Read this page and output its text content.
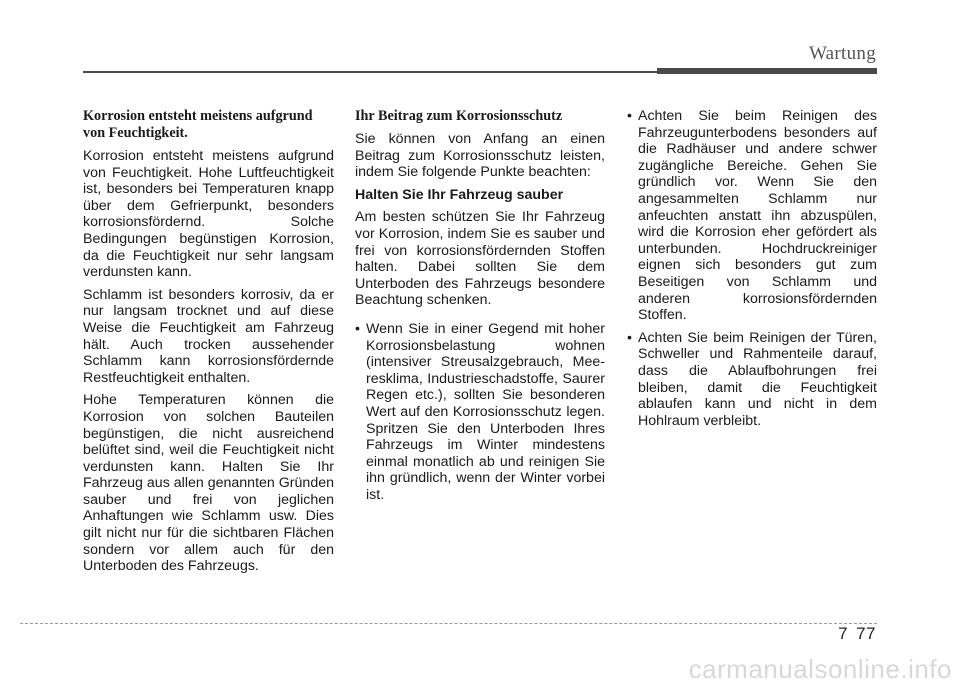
Wartung

Korrosion entsteht meistens aufgrund von Feuchtigkeit.

Korrosion entsteht meistens aufgrund von Feuchtigkeit. Hohe Luftfeuchtigkeit ist, besonders bei Temperaturen knapp über dem Gefrierpunkt, besonders korrosionsfördernd. Solche Bedingungen begünstigen Korrosion, da die Feuchtigkeit nur sehr langsam verdunsten kann.

Schlamm ist besonders korrosiv, da er nur langsam trocknet und auf diese Weise die Feuchtigkeit am Fahrzeug hält. Auch trocken aussehender Schlamm kann korrosionsfördernde Restfeuchtigkeit enthalten.

Hohe Temperaturen können die Korrosion von solchen Bauteilen begünstigen, die nicht ausreichend belüftet sind, weil die Feuchtigkeit nicht verdunsten kann. Halten Sie Ihr Fahrzeug aus allen genannten Gründen sauber und frei von jeglichen Anhaftungen wie Schlamm usw. Dies gilt nicht nur für die sichtbaren Flächen sondern vor allem auch für den Unterboden des Fahrzeugs.

Ihr Beitrag zum Korrosionsschutz

Sie können von Anfang an einen Beitrag zum Korrosionsschutz leisten, indem Sie folgende Punkte beachten:

Halten Sie Ihr Fahrzeug sauber

Am besten schützen Sie Ihr Fahrzeug vor Korrosion, indem Sie es sauber und frei von korrosionsfördernden Stoffen halten. Dabei sollten Sie dem Unterboden des Fahrzeugs besondere Beachtung schenken.

• Wenn Sie in einer Gegend mit hoher Korrosionsbelastung wohnen (intensiver Streusalzgebrauch, Mee-resklima, Industrieschadstoffe, Saurer Regen etc.), sollten Sie besonderen Wert auf den Korrosionsschutz legen. Spritzen Sie den Unterboden Ihres Fahrzeugs im Winter mindestens einmal monatlich ab und reinigen Sie ihn gründlich, wenn der Winter vorbei ist.
• Achten Sie beim Reinigen des Fahrzeugunterbodens besonders auf die Radhäuser und andere schwer zugängliche Bereiche. Gehen Sie gründlich vor. Wenn Sie den angesammelten Schlamm nur anfeuchten anstatt ihn abzuspülen, wird die Korrosion eher gefördert als unterbunden. Hochdruckreiniger eignen sich besonders gut zum Beseitigen von Schlamm und anderen korrosionsfördernden Stoffen.
• Achten Sie beim Reinigen der Türen, Schweller und Rahmenteile darauf, dass die Ablaufbohrungen frei bleiben, damit die Feuchtigkeit ablaufen kann und nicht in dem Hohlraum verbleibt.
7 77
carmanualsonline.info
